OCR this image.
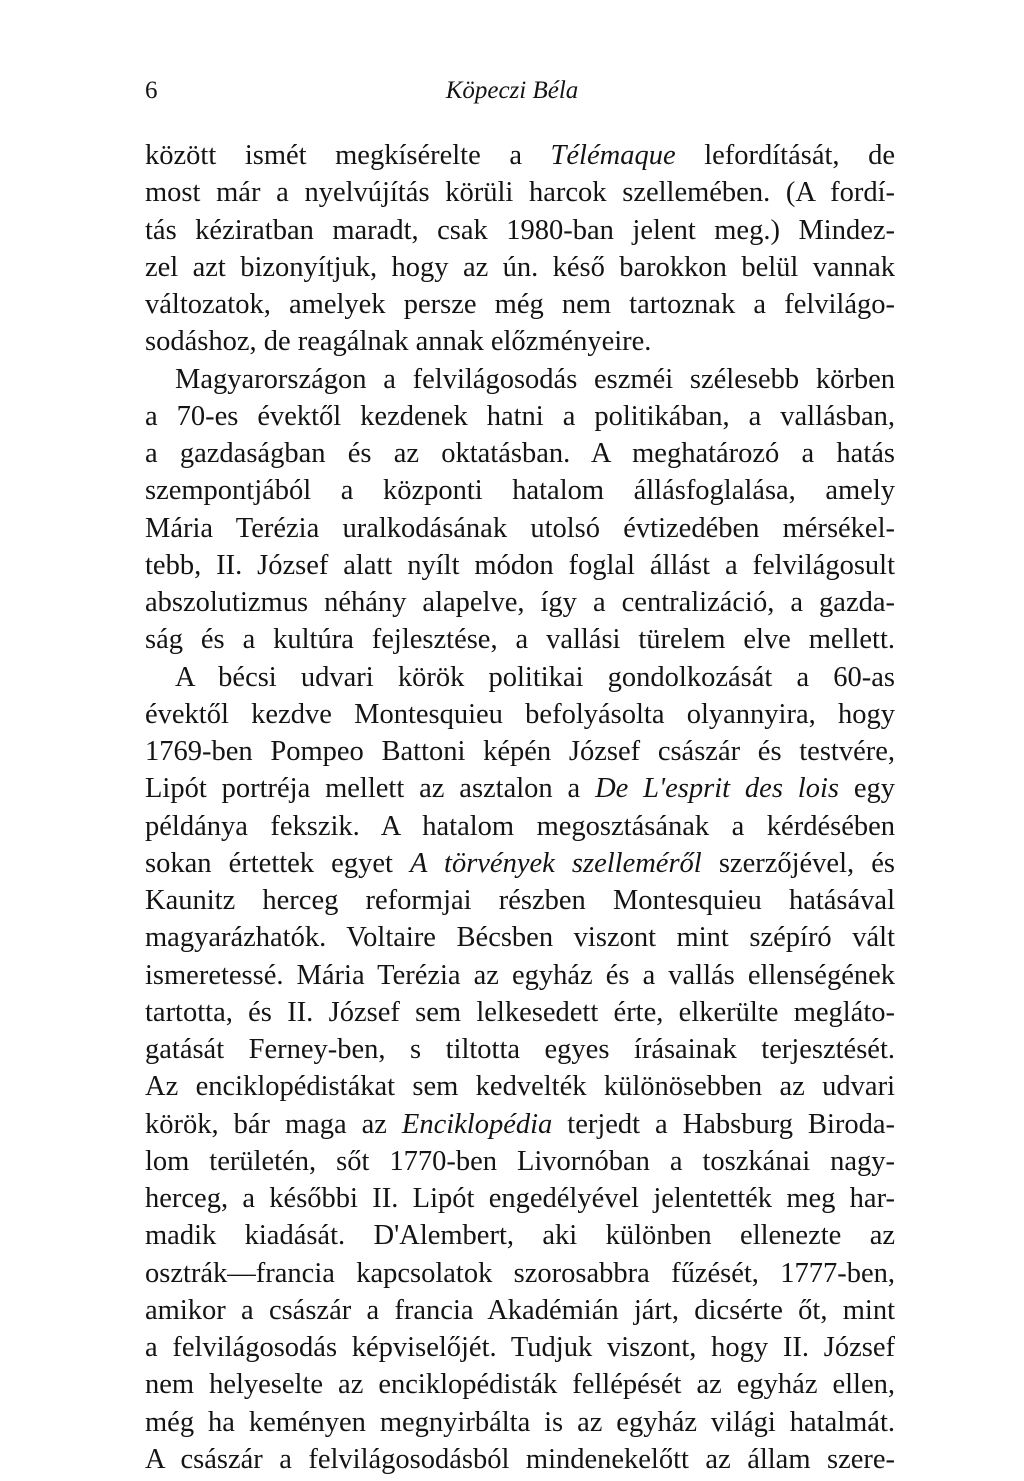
6	Köpeczi Béla
között ismét megkísérelte a Télémaque lefordítását, de
most már a nyelvújítás körüli harcok szellemében. (A fordí-
tás kéziratban maradt, csak 1980-ban jelent meg.) Mindez-
zel azt bizonyítjuk, hogy az ún. késő barokkon belül vannak
változatok, amelyek persze még nem tartoznak a felvilágo-
sodáshoz, de reagálnak annak előzményeire.
Magyarországon a felvilágosodás eszméi szélesebb körben
a 70-es évektől kezdenek hatni a politikában, a vallásban,
a gazdaságban és az oktatásban. A meghatározó a hatás
szempontjából a központi hatalom állásfoglalása, amely
Mária Terézia uralkodásának utolsó évtizedében mérsékel-
tebb, II. József alatt nyílt módon foglal állást a felvilágosult
abszolutizmus néhány alapelve, így a centralizáció, a gazda-
ság és a kultúra fejlesztése, a vallási türelem elve mellett.
A bécsi udvari körök politikai gondolkozását a 60-as
évektől kezdve Montesquieu befolyásolta olyannyira, hogy
1769-ben Pompeo Battoni képén József császár és testvére,
Lipót portréja mellett az asztalon a De L'esprit des lois egy
példánya fekszik. A hatalom megosztásának a kérdésében
sokan értettek egyet A törvények szelleméről szerzőjével, és
Kaunitz herceg reformjai részben Montesquieu hatásával
magyarázhatók. Voltaire Bécsben viszont mint szépíró vált
ismeretessé. Mária Terézia az egyház és a vallás ellenségének
tartotta, és II. József sem lelkesedett érte, elkerülte megláto-
gatását Ferney-ben, s tiltotta egyes írásainak terjesztését.
Az enciklopédistákat sem kedvelték különösebben az udvari
körök, bár maga az Enciklopédia terjedt a Habsburg Biroda-
lom területén, sőt 1770-ben Livornóban a toszkánai nagy-
herceg, a későbbi II. Lipót engedélyével jelentették meg har-
madik kiadását. D'Alembert, aki különben ellenezte az
osztrák—francia kapcsolatok szorosabbra fűzését, 1777-ben,
amikor a császár a francia Akadémián járt, dicsérte őt, mint
a felvilágosodás képviselőjét. Tudjuk viszont, hogy II. József
nem helyeselte az enciklopédisták fellépését az egyház ellen,
még ha keményen megnyirbálta is az egyház világi hatalmát.
A császár a felvilágosodásból mindenekelőtt az állam szere-
